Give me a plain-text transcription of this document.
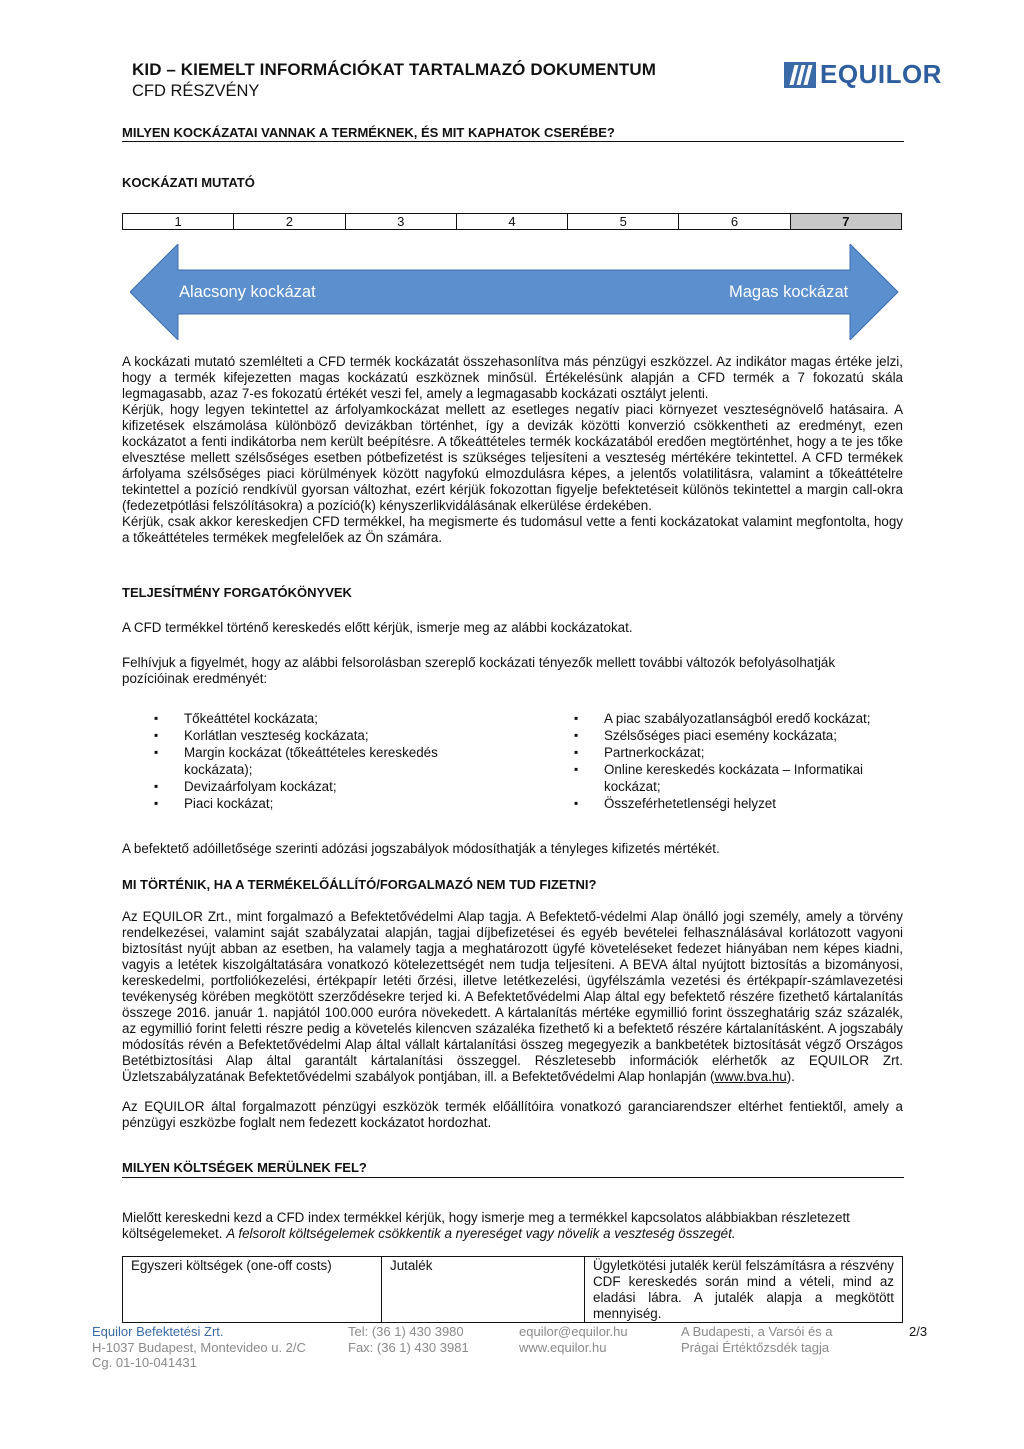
KID – KIEMELT INFORMÁCIÓKAT TARTALMAZÓ DOKUMENTUM
CFD RÉSZVÉNY
EQUILOR
MILYEN KOCKÁZATAI VANNAK A TERMÉKNEK, ÉS MIT KAPHATOK CSERÉBE?
KOCKÁZATI MUTATÓ
1	2	3	4	5	6	7
Alacsony kockázat	Magas kockázat
A kockázati mutató szemlélteti a CFD termék kockázatát összehasonlítva más pénzügyi eszközzel. Az indikátor magas értéke jelzi, hogy a termék kifejezetten magas kockázatú eszköznek minősül. Értékelésünk alapján a CFD termék a 7 fokozatú skála legmagasabb, azaz 7-es fokozatú értékét veszi fel, amely a legmagasabb kockázati osztályt jelenti.
Kérjük, hogy legyen tekintettel az árfolyamkockázat mellett az esetleges negatív piaci környezet veszteségnövelő hatásaira. A kifizetések elszámolása különböző devizákban történhet, így a devizák közötti konverzió csökkentheti az eredményt, ezen kockázatot a fenti indikátorba nem került beépítésre. A tőkeáttételes termék kockázatából eredően megtörténhet, hogy a te jes tőke elvesztése mellett szélsőséges esetben pótbefizetést is szükséges teljesíteni a veszteség mértékére tekintettel. A CFD termékek árfolyama szélsőséges piaci körülmények között nagyfokú elmozdulásra képes, a jelentős volatilitásra, valamint a tőkeáttételre tekintettel a pozíció rendkívül gyorsan változhat, ezért kérjük fokozottan figyelje befektetéseit különös tekintettel a margin call-okra (fedezetpótlási felszólításokra) a pozíció(k) kényszerlikvidálásának elkerülése érdekében.
Kérjük, csak akkor kereskedjen CFD termékkel, ha megismerte és tudomásul vette a fenti kockázatokat valamint megfontolta, hogy a tőkeáttételes termékek megfelelőek az Ön számára.
TELJESÍTMÉNY FORGATÓKÖNYVEK
A CFD termékkel történő kereskedés előtt kérjük, ismerje meg az alábbi kockázatokat.
Felhívjuk a figyelmét, hogy az alábbi felsorolásban szereplő kockázati tényezők mellett további változók befolyásolhatják pozícióinak eredményét:
▪ Tőkeáttétel kockázata;
▪ Korlátlan veszteség kockázata;
▪ Margin kockázat (tőkeáttételes kereskedés kockázata);
▪ Devizaárfolyam kockázat;
▪ Piaci kockázat;
▪ A piac szabályozatlanságból eredő kockázat;
▪ Szélsőséges piaci esemény kockázata;
▪ Partnerkockázat;
▪ Online kereskedés kockázata – Informatikai kockázat;
▪ Összeférhetetlenségi helyzet
A befektető adóilletősége szerinti adózási jogszabályok módosíthatják a tényleges kifizetés mértékét.
MI TÖRTÉNIK, HA A TERMÉKELŐÁLLÍTÓ/FORGALMAZÓ NEM TUD FIZETNI?
Az EQUILOR Zrt., mint forgalmazó a Befektetővédelmi Alap tagja. A Befektető-védelmi Alap önálló jogi személy, amely a törvény rendelkezései, valamint saját szabályzatai alapján, tagjai díjbefizetései és egyéb bevételei felhasználásával korlátozott vagyoni biztosítást nyújt abban az esetben, ha valamely tagja a meghatározott ügyfé követeléseket fedezet hiányában nem képes kiadni, vagyis a letétek kiszolgáltatására vonatkozó kötelezettségét nem tudja teljesíteni. A BEVA által nyújtott biztosítás a bizományosi, kereskedelmi, portfoliókezelési, értékpapír letéti őrzési, illetve letétkezelési, ügyfélszámla vezetési és értékpapír-számlavezetési tevékenység körében megkötött szerződésekre terjed ki. A Befektetővédelmi Alap által egy befektető részére fizethető kártalanítás összege 2016. január 1. napjától 100.000 euróra növekedett. A kártalanítás mértéke egymillió forint összeghatárig száz százalék, az egymillió forint feletti részre pedig a követelés kilencven százaléka fizethető ki a befektető részére kártalanításként. A jogszabály módosítás révén a Befektetővédelmi Alap által vállalt kártalanítási összeg megegyezik a bankbetétek biztosítását végző Országos Betétbiztosítási Alap által garantált kártalanítási összeggel. Részletesebb információk elérhetők az EQUILOR Zrt. Üzletszabályzatának Befektetővédelmi szabályok pontjában, ill. a Befektetővédelmi Alap honlapján (www.bva.hu).
Az EQUILOR által forgalmazott pénzügyi eszközök termék előállítóira vonatkozó garanciarendszer eltérhet fentiektől, amely a pénzügyi eszközbe foglalt nem fedezett kockázatot hordozhat.
MILYEN KÖLTSÉGEK MERÜLNEK FEL?
Mielőtt kereskedni kezd a CFD index termékkel kérjük, hogy ismerje meg a termékkel kapcsolatos alábbiakban részletezett költségelemeket. A felsorolt költségelemek csökkentik a nyereséget vagy növelik a veszteség összegét.
Egyszeri költségek (one-off costs)	Jutalék	Ügyletkötési jutalék kerül felszámításra a részvény CDF kereskedés során mind a vételi, mind az eladási lábra. A jutalék alapja a megkötött mennyiség.
Equilor Befektetési Zrt.
H-1037 Budapest, Montevideo u. 2/C
Cg. 01-10-041431
Tel: (36 1) 430 3980
Fax: (36 1) 430 3981
equilor@equilor.hu
www.equilor.hu
A Budapesti, a Varsói és a
Prágai Értéktőzsdék tagja
2/3
